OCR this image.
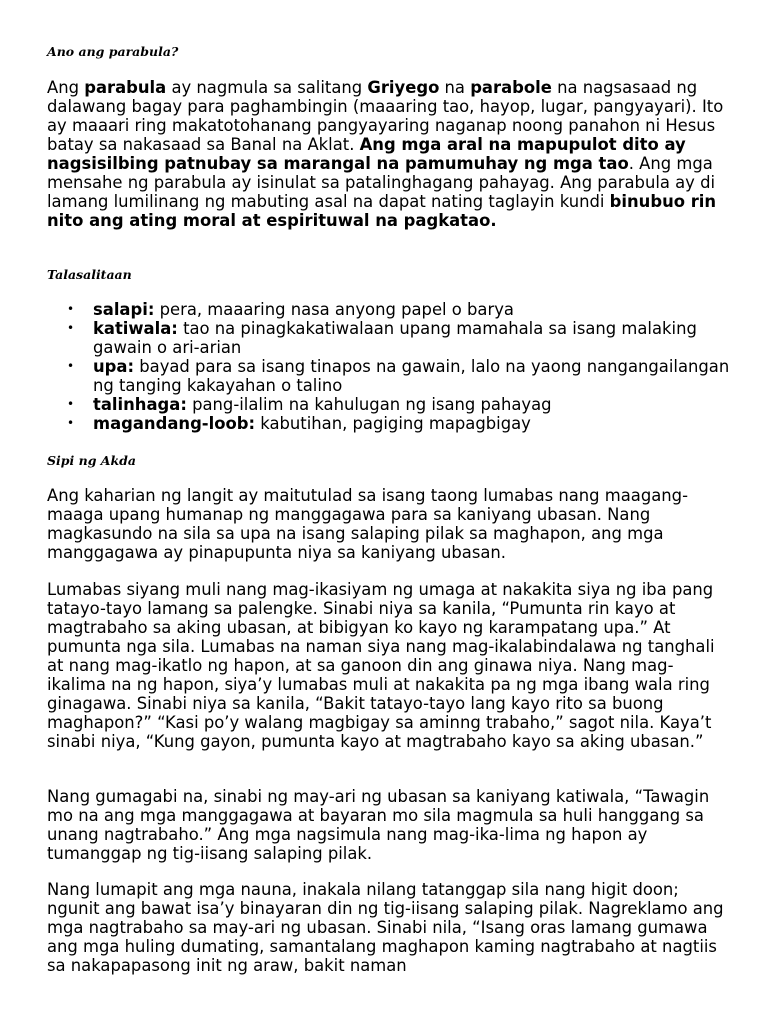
Ano ang parabula?

Ang parabula ay nagmula sa salitang Griyego na parabole na nagsasaad ng dalawang bagay para paghambingin (maaaring tao, hayop, lugar, pangyayari). Ito ay maaari ring makatotohanang pangyayaring naganap noong panahon ni Hesus batay sa nakasaad sa Banal na Aklat. Ang mga aral na mapupulot dito ay nagsisilbing patnubay sa marangal na pamumuhay ng mga tao. Ang mga mensahe ng parabula ay isinulat sa patalinghagang pahayag. Ang parabula ay di lamang lumilinang ng mabuting asal na dapat nating taglayin kundi binubuo rin nito ang ating moral at espirituwal na pagkatao.

Talasalitaan

• salapi: pera, maaaring nasa anyong papel o barya
• katiwala: tao na pinagkakatiwalaan upang mamahala sa isang malaking gawain o ari-arian
• upa: bayad para sa isang tinapos na gawain, lalo na yaong nangangailangan ng tanging kakayahan o talino
• talinhaga: pang-ilalim na kahulugan ng isang pahayag
• magandang-loob: kabutihan, pagiging mapagbigay

Sipi ng Akda

Ang kaharian ng langit ay maitutulad sa isang taong lumabas nang maagang-maaga upang humanap ng manggagawa para sa kaniyang ubasan. Nang magkasundo na sila sa upa na isang salaping pilak sa maghapon, ang mga manggagawa ay pinapupunta niya sa kaniyang ubasan.

Lumabas siyang muli nang mag-ikasiyam ng umaga at nakakita siya ng iba pang tatayo-tayo lamang sa palengke. Sinabi niya sa kanila, “Pumunta rin kayo at magtrabaho sa aking ubasan, at bibigyan ko kayo ng karampatang upa.” At pumunta nga sila. Lumabas na naman siya nang mag-ikalabindalawa ng tanghali at nang mag-ikatlo ng hapon, at sa ganoon din ang ginawa niya. Nang mag-ikalima na ng hapon, siya’y lumabas muli at nakakita pa ng mga ibang wala ring ginagawa. Sinabi niya sa kanila, “Bakit tatayo-tayo lang kayo rito sa buong maghapon?” “Kasi po’y walang magbigay sa aminng trabaho,” sagot nila. Kaya’t sinabi niya, “Kung gayon, pumunta kayo at magtrabaho kayo sa aking ubasan.”

Nang gumagabi na, sinabi ng may-ari ng ubasan sa kaniyang katiwala, “Tawagin mo na ang mga manggagawa at bayaran mo sila magmula sa huli hanggang sa unang nagtrabaho.” Ang mga nagsimula nang mag-ika-lima ng hapon ay tumanggap ng tig-iisang salaping pilak.

Nang lumapit ang mga nauna, inakala nilang tatanggap sila nang higit doon; ngunit ang bawat isa’y binayaran din ng tig-iisang salaping pilak. Nagreklamo ang mga nagtrabaho sa may-ari ng ubasan. Sinabi nila, “Isang oras lamang gumawa ang mga huling dumating, samantalang maghapon kaming nagtrabaho at nagtiis sa nakapapasong init ng araw, bakit naman
